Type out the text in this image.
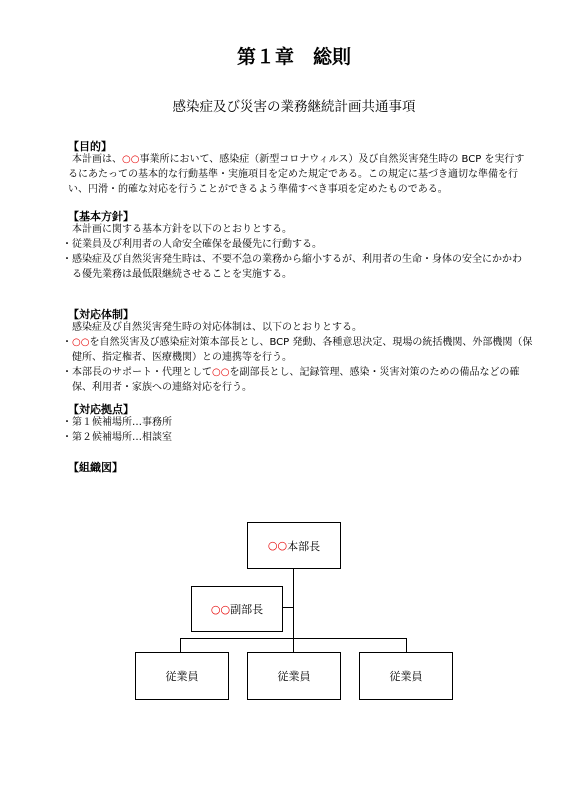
第１章　総則
感染症及び災害の業務継続計画共通事項
【目的】
本計画は、○○事業所において、感染症（新型コロナウィルス）及び自然災害発生時の BCP を実行す
るにあたっての基本的な行動基準・実施項目を定めた規定である。この規定に基づき適切な準備を行
い、円滑・的確な対応を行うことができるよう準備すべき事項を定めたものである。
【基本方針】
本計画に関する基本方針を以下のとおりとする。
・従業員及び利用者の人命安全確保を最優先に行動する。
・感染症及び自然災害発生時は、不要不急の業務から縮小するが、利用者の生命・身体の安全にかかわ
る優先業務は最低限継続させることを実施する。
【対応体制】
感染症及び自然災害発生時の対応体制は、以下のとおりとする。
・○○を自然災害及び感染症対策本部長とし、BCP 発動、各種意思決定、現場の統括機関、外部機関（保
健所、指定権者、医療機関）との連携等を行う。
・本部長のサポート・代理として○○を副部長とし、記録管理、感染・災害対策のための備品などの確
保、利用者・家族への連絡対応を行う。
【対応拠点】
・第１候補場所…事務所
・第２候補場所…相談室
【組織図】
○○ 本部長
○○ 副部長
従業員	従業員	従業員
